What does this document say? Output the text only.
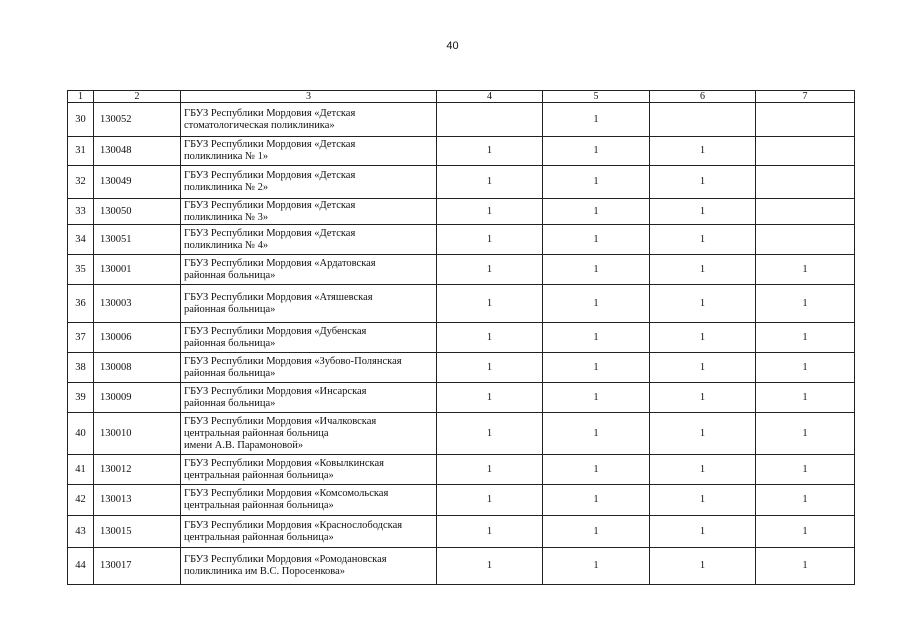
40
1	2	3	4	5	6	7
30	130052	ГБУЗ Республики Мордовия «Детская
стоматологическая поликлиника»		1		
31	130048	ГБУЗ Республики Мордовия «Детская
поликлиника № 1»	1	1	1	
32	130049	ГБУЗ Республики Мордовия «Детская
поликлиника № 2»	1	1	1	
33	130050	ГБУЗ Республики Мордовия «Детская
поликлиника № 3»	1	1	1	
34	130051	ГБУЗ Республики Мордовия «Детская
поликлиника № 4»	1	1	1	
35	130001	ГБУЗ Республики Мордовия «Ардатовская
районная больница»	1	1	1	1
36	130003	ГБУЗ Республики Мордовия «Атяшевская
районная больница»	1	1	1	1
37	130006	ГБУЗ Республики Мордовия «Дубенская
районная больница»	1	1	1	1
38	130008	ГБУЗ Республики Мордовия «Зубово-Полянская
районная больница»	1	1	1	1
39	130009	ГБУЗ Республики Мордовия «Инсарская
районная больница»	1	1	1	1
40	130010	ГБУЗ Республики Мордовия «Ичалковская
центральная районная больница
имени А.В. Парамоновой»	1	1	1	1
41	130012	ГБУЗ Республики Мордовия «Ковылкинская
центральная районная больница»	1	1	1	1
42	130013	ГБУЗ Республики Мордовия «Комсомольская
центральная районная больница»	1	1	1	1
43	130015	ГБУЗ Республики Мордовия «Краснослободская
центральная районная больница»	1	1	1	1
44	130017	ГБУЗ Республики Мордовия «Ромодановская
поликлиника им В.С. Поросенкова»	1	1	1	1
